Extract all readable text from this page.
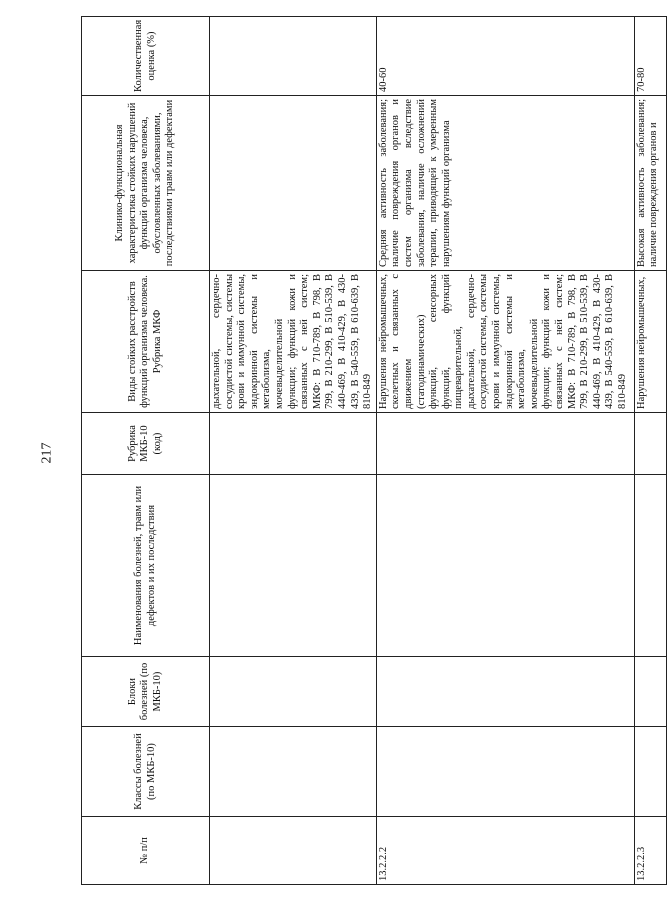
217
№ п/п	Классы болезней (по МКБ-10)	Блоки болезней (по МКБ-10)	Наименования болезней, травм или дефектов и их последствия	Рубрика МКБ-10 (код)	Виды стойких расстройств функций организма человека. Рубрика МКФ	Клинико-функциональная характеристика стойких нарушений функций организма человека, обусловленных заболеваниями, последствиями травм или дефектами	Количественная оценка (%)
					дыхательной, сердечно-сосудистой системы, системы крови и иммунной системы, эндокринной системы и метаболизма, мочевыделительной функции; функций кожи и связанных с ней систем; МКФ: В 710-789, В 798, В 799, В 210-299, В 510-539, В 440-469, В 410-429, В 430-439, В 540-559, В 610-639, В 810-849		
13.2.2.2					Нарушения нейромышечных, скелетных и связанных с движением (статодинамических) функций, сенсорных функций, функций пищеварительной, дыхательной, сердечно-сосудистой системы, системы крови и иммунной системы, эндокринной системы и метаболизма, мочевыделительной функции; функций кожи и связанных с ней систем; МКФ: В 710-789, В 798, В 799, В 210-299, В 510-539, В 440-469, В 410-429, В 430-439, В 540-559, В 610-639, В 810-849	Средняя активность заболевания; наличие повреждения органов и систем организма вследствие заболевания, наличие осложнений терапии, приводящей к умеренным нарушениям функций организма	40-60
13.2.2.3					Нарушения нейромышечных,	Высокая активность заболевания; наличие повреждения органов и	70-80
